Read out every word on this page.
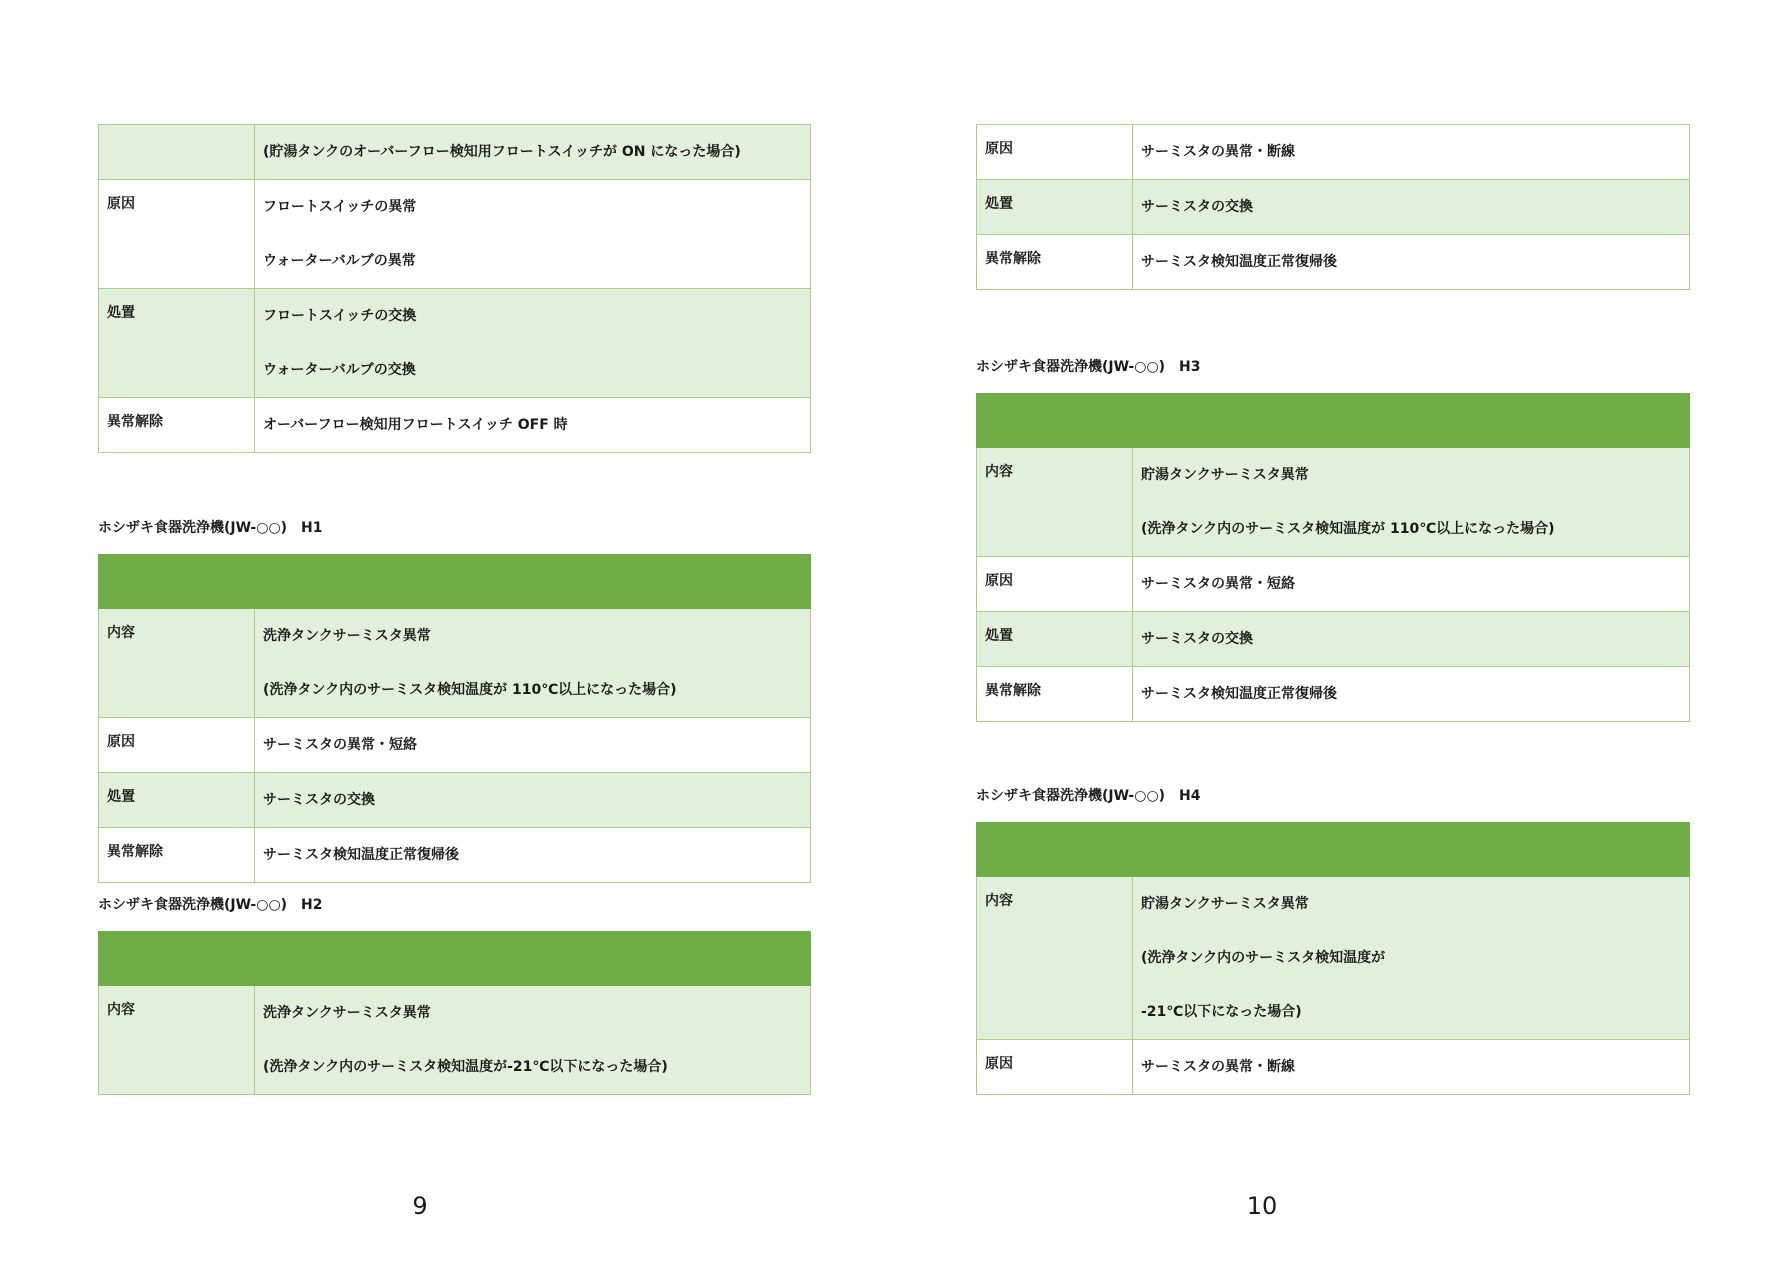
	(貯湯タンクのオーバーフロー検知用フロートスイッチが ON になった場合)

原因	フロートスイッチの異常
ウォーターバルブの異常

処置	フロートスイッチの交換
ウォーターバルブの交換

異常解除	オーバーフロー検知用フロートスイッチ OFF 時
ホシザキ食器洗浄機(JW-○○)　H1

内容	洗浄タンクサーミスタ異常
(洗浄タンク内のサーミスタ検知温度が 110℃以上になった場合)

原因	サーミスタの異常・短絡

処置	サーミスタの交換

異常解除	サーミスタ検知温度正常復帰後
ホシザキ食器洗浄機(JW-○○)　H2

内容	洗浄タンクサーミスタ異常
(洗浄タンク内のサーミスタ検知温度が-21℃以下になった場合)
9
原因	サーミスタの異常・断線

処置	サーミスタの交換

異常解除	サーミスタ検知温度正常復帰後
ホシザキ食器洗浄機(JW-○○)　H3

内容	貯湯タンクサーミスタ異常
(洗浄タンク内のサーミスタ検知温度が 110℃以上になった場合)

原因	サーミスタの異常・短絡

処置	サーミスタの交換

異常解除	サーミスタ検知温度正常復帰後
ホシザキ食器洗浄機(JW-○○)　H4

内容	貯湯タンクサーミスタ異常
(洗浄タンク内のサーミスタ検知温度が
-21℃以下になった場合)

原因	サーミスタの異常・断線
10
